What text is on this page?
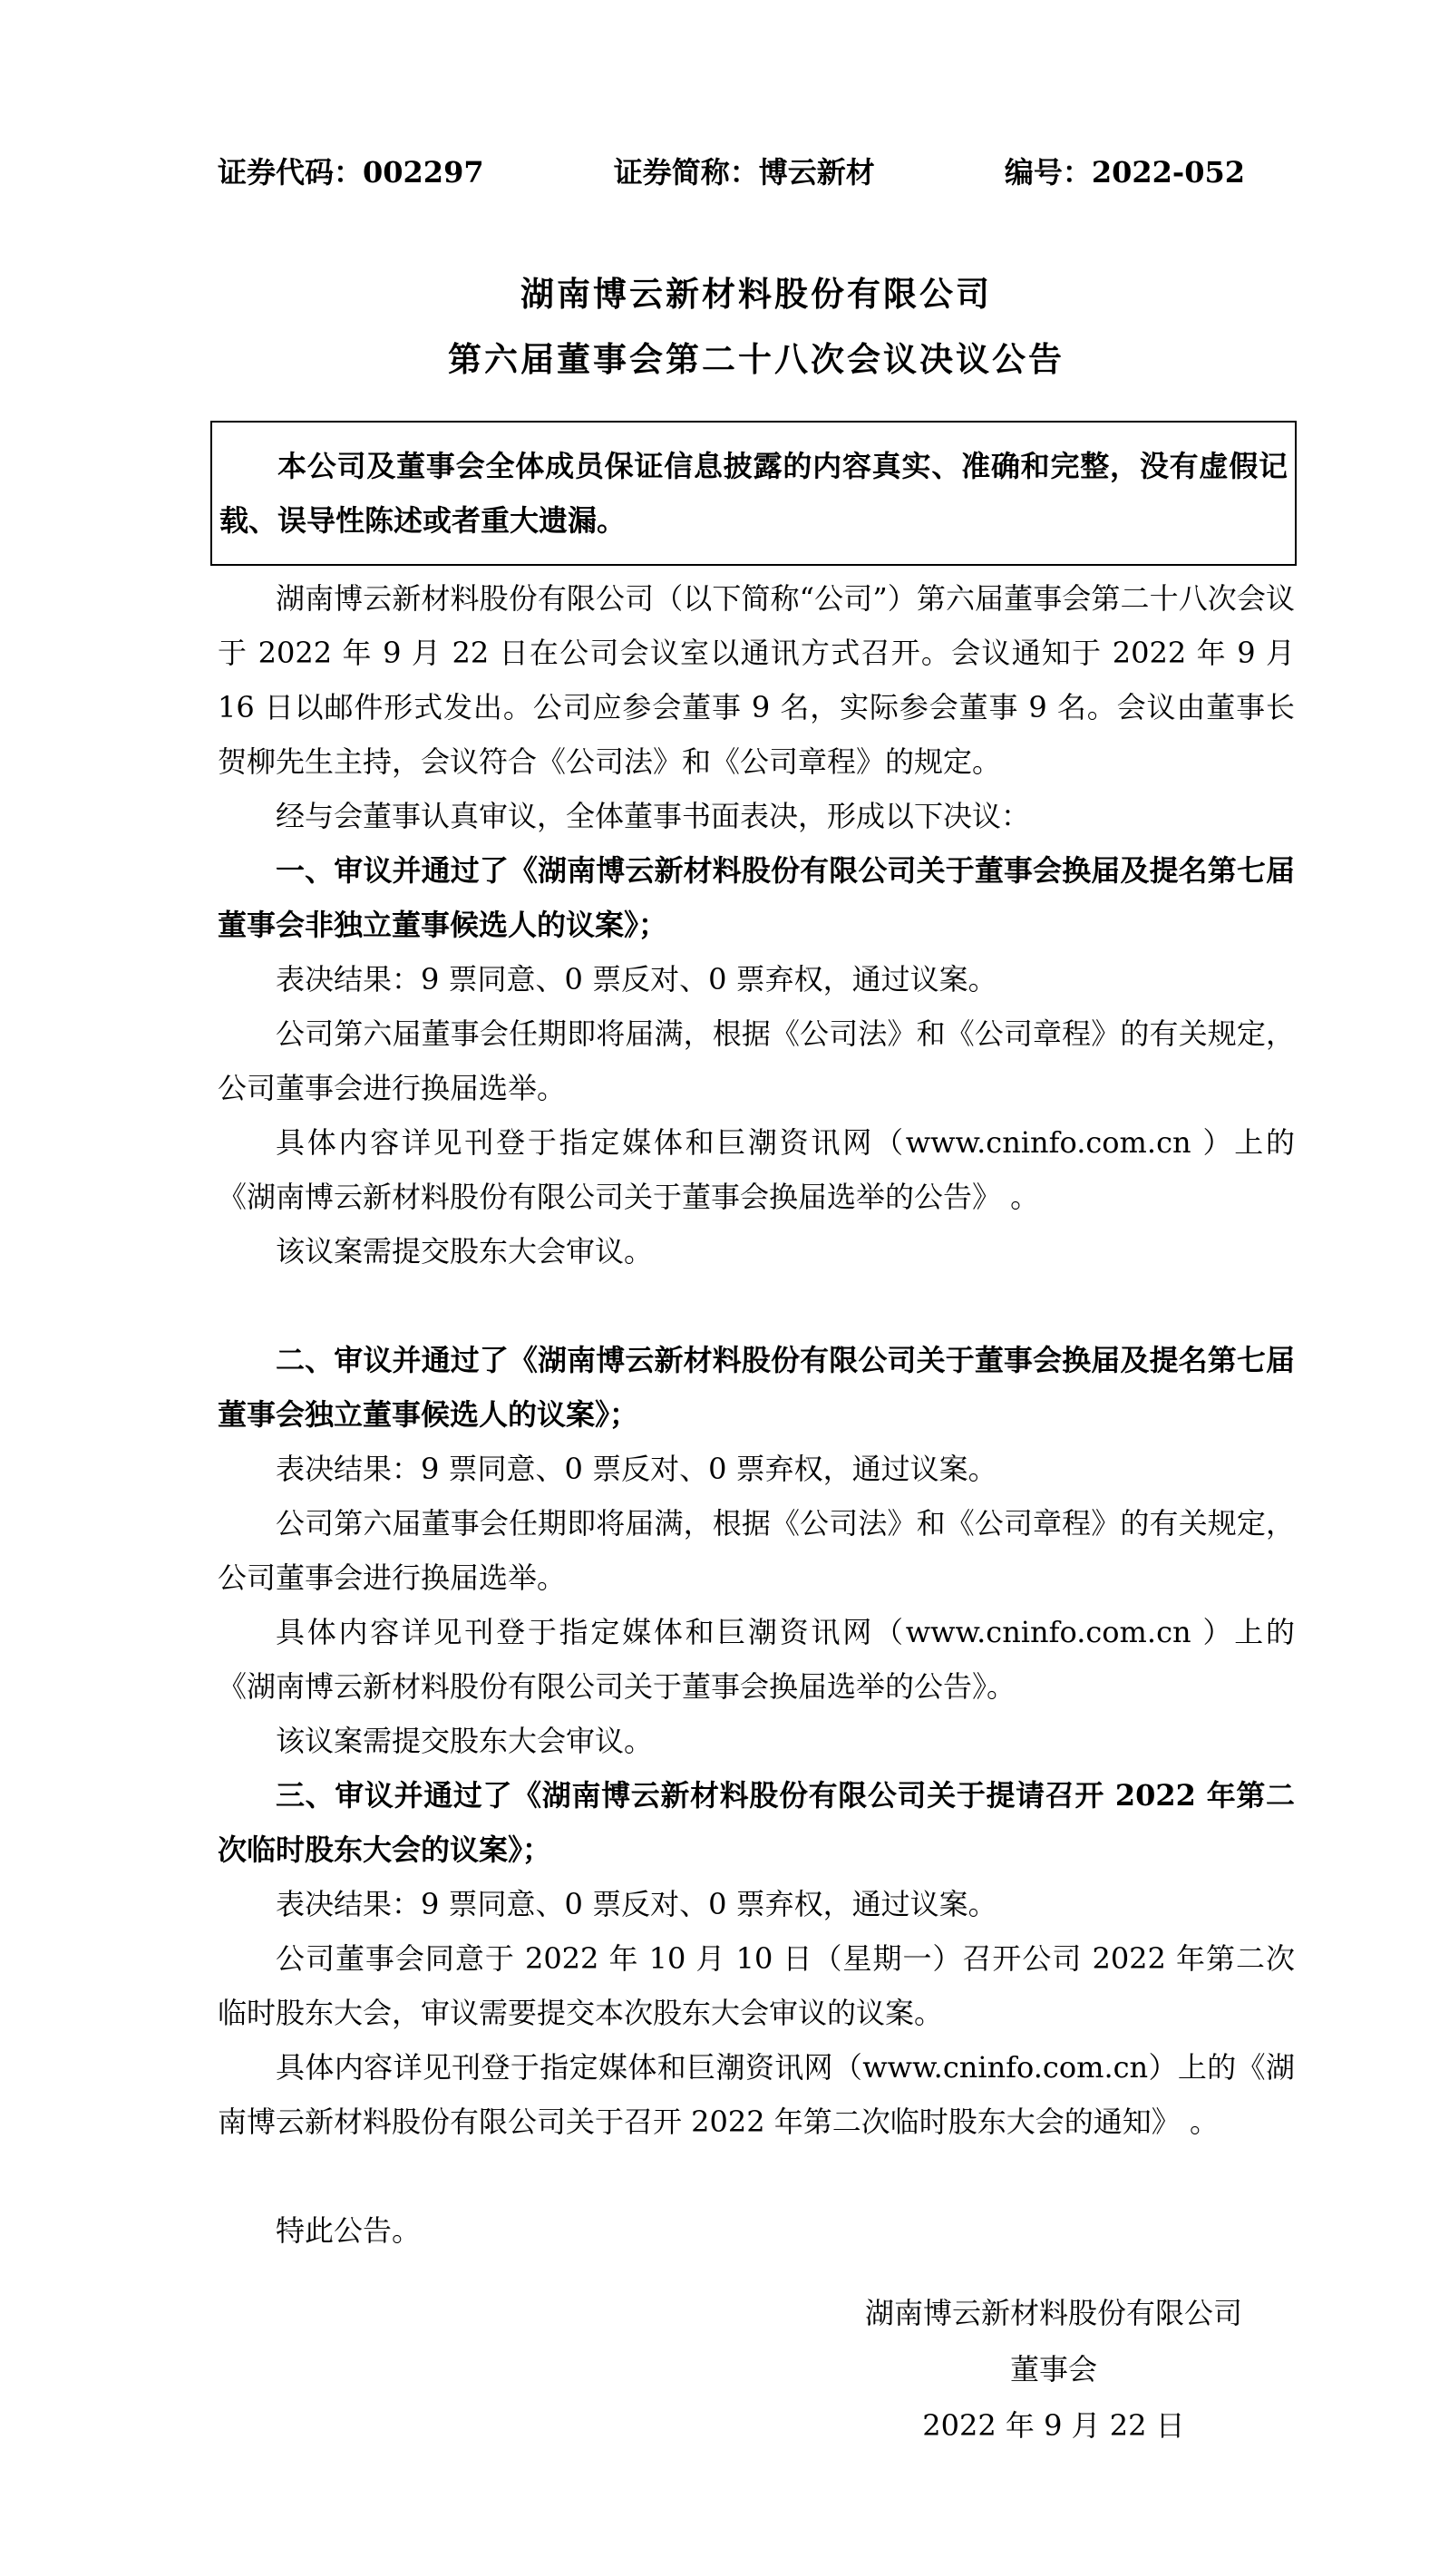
证券代码：002297	证券简称：博云新材	编号：2022-052
湖南博云新材料股份有限公司
第六届董事会第二十八次会议决议公告

本公司及董事会全体成员保证信息披露的内容真实、准确和完整，没有虚假记载、误导性陈述或者重大遗漏。

湖南博云新材料股份有限公司（以下简称“公司”）第六届董事会第二十八次会议于 2022 年 9 月 22 日在公司会议室以通讯方式召开。会议通知于 2022 年 9 月 16 日以邮件形式发出。公司应参会董事 9 名，实际参会董事 9 名。会议由董事长贺柳先生主持，会议符合《公司法》和《公司章程》的规定。

经与会董事认真审议，全体董事书面表决，形成以下决议：

一、审议并通过了《湖南博云新材料股份有限公司关于董事会换届及提名第七届董事会非独立董事候选人的议案》；

表决结果：9 票同意、0 票反对、0 票弃权，通过议案。

公司第六届董事会任期即将届满，根据《公司法》和《公司章程》的有关规定，公司董事会进行换届选举。

具体内容详见刊登于指定媒体和巨潮资讯网（www.cninfo.com.cn ）上的《湖南博云新材料股份有限公司关于董事会换届选举的公告》 。

该议案需提交股东大会审议。

二、审议并通过了《湖南博云新材料股份有限公司关于董事会换届及提名第七届董事会独立董事候选人的议案》；

表决结果：9 票同意、0 票反对、0 票弃权，通过议案。

公司第六届董事会任期即将届满，根据《公司法》和《公司章程》的有关规定，公司董事会进行换届选举。

具体内容详见刊登于指定媒体和巨潮资讯网（www.cninfo.com.cn ）上的《湖南博云新材料股份有限公司关于董事会换届选举的公告》。

该议案需提交股东大会审议。

三、审议并通过了《湖南博云新材料股份有限公司关于提请召开 2022 年第二次临时股东大会的议案》；

表决结果：9 票同意、0 票反对、0 票弃权，通过议案。

公司董事会同意于 2022 年 10 月 10 日（星期一）召开公司 2022 年第二次临时股东大会，审议需要提交本次股东大会审议的议案。

具体内容详见刊登于指定媒体和巨潮资讯网（www.cninfo.com.cn）上的《湖南博云新材料股份有限公司关于召开 2022 年第二次临时股东大会的通知》 。

特此公告。

湖南博云新材料股份有限公司
董事会
2022 年 9 月 22 日
